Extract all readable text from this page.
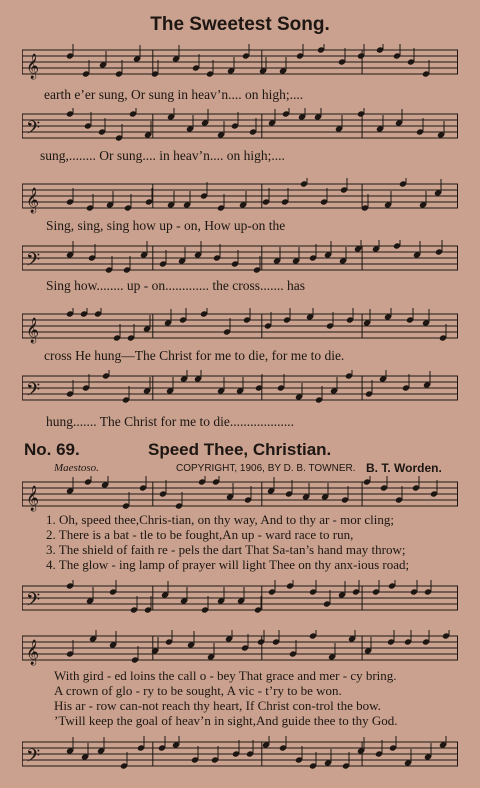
The Sweetest Song.
𝄞
earth e’er sung, Or sung in heav’n.... on high;....
𝄢
sung,........ Or sung.... in heav’n.... on high;....
𝄞
Sing, sing, sing how up - on, How up-on the
𝄢
Sing how........ up - on............. the cross....... has
𝄞
cross He hung—The Christ for me to die, for me to die.
𝄢
hung....... The Christ for me to die...................
No. 69.	Speed Thee, Christian.
Maestoso.	COPYRIGHT, 1906, BY D. B. TOWNER. B. T. Worden.
𝄞
1. Oh, speed thee,Chris-tian, on thy way, And to thy ar - mor cling;
2. There is a bat - tle to be fought,An up - ward race to run,
3. The shield of faith re - pels the dart That Sa-tan’s hand may throw;
4. The glow - ing lamp of prayer will light Thee on thy anx-ious road;
𝄢
𝄞
With gird - ed loins the call o - bey That grace and mer - cy bring.
A crown of glo - ry to be sought, A vic - t’ry to be won.
His ar - row can-not reach thy heart, If Christ con-trol the bow.
’Twill keep the goal of heav’n in sight,And guide thee to thy God.
𝄢
